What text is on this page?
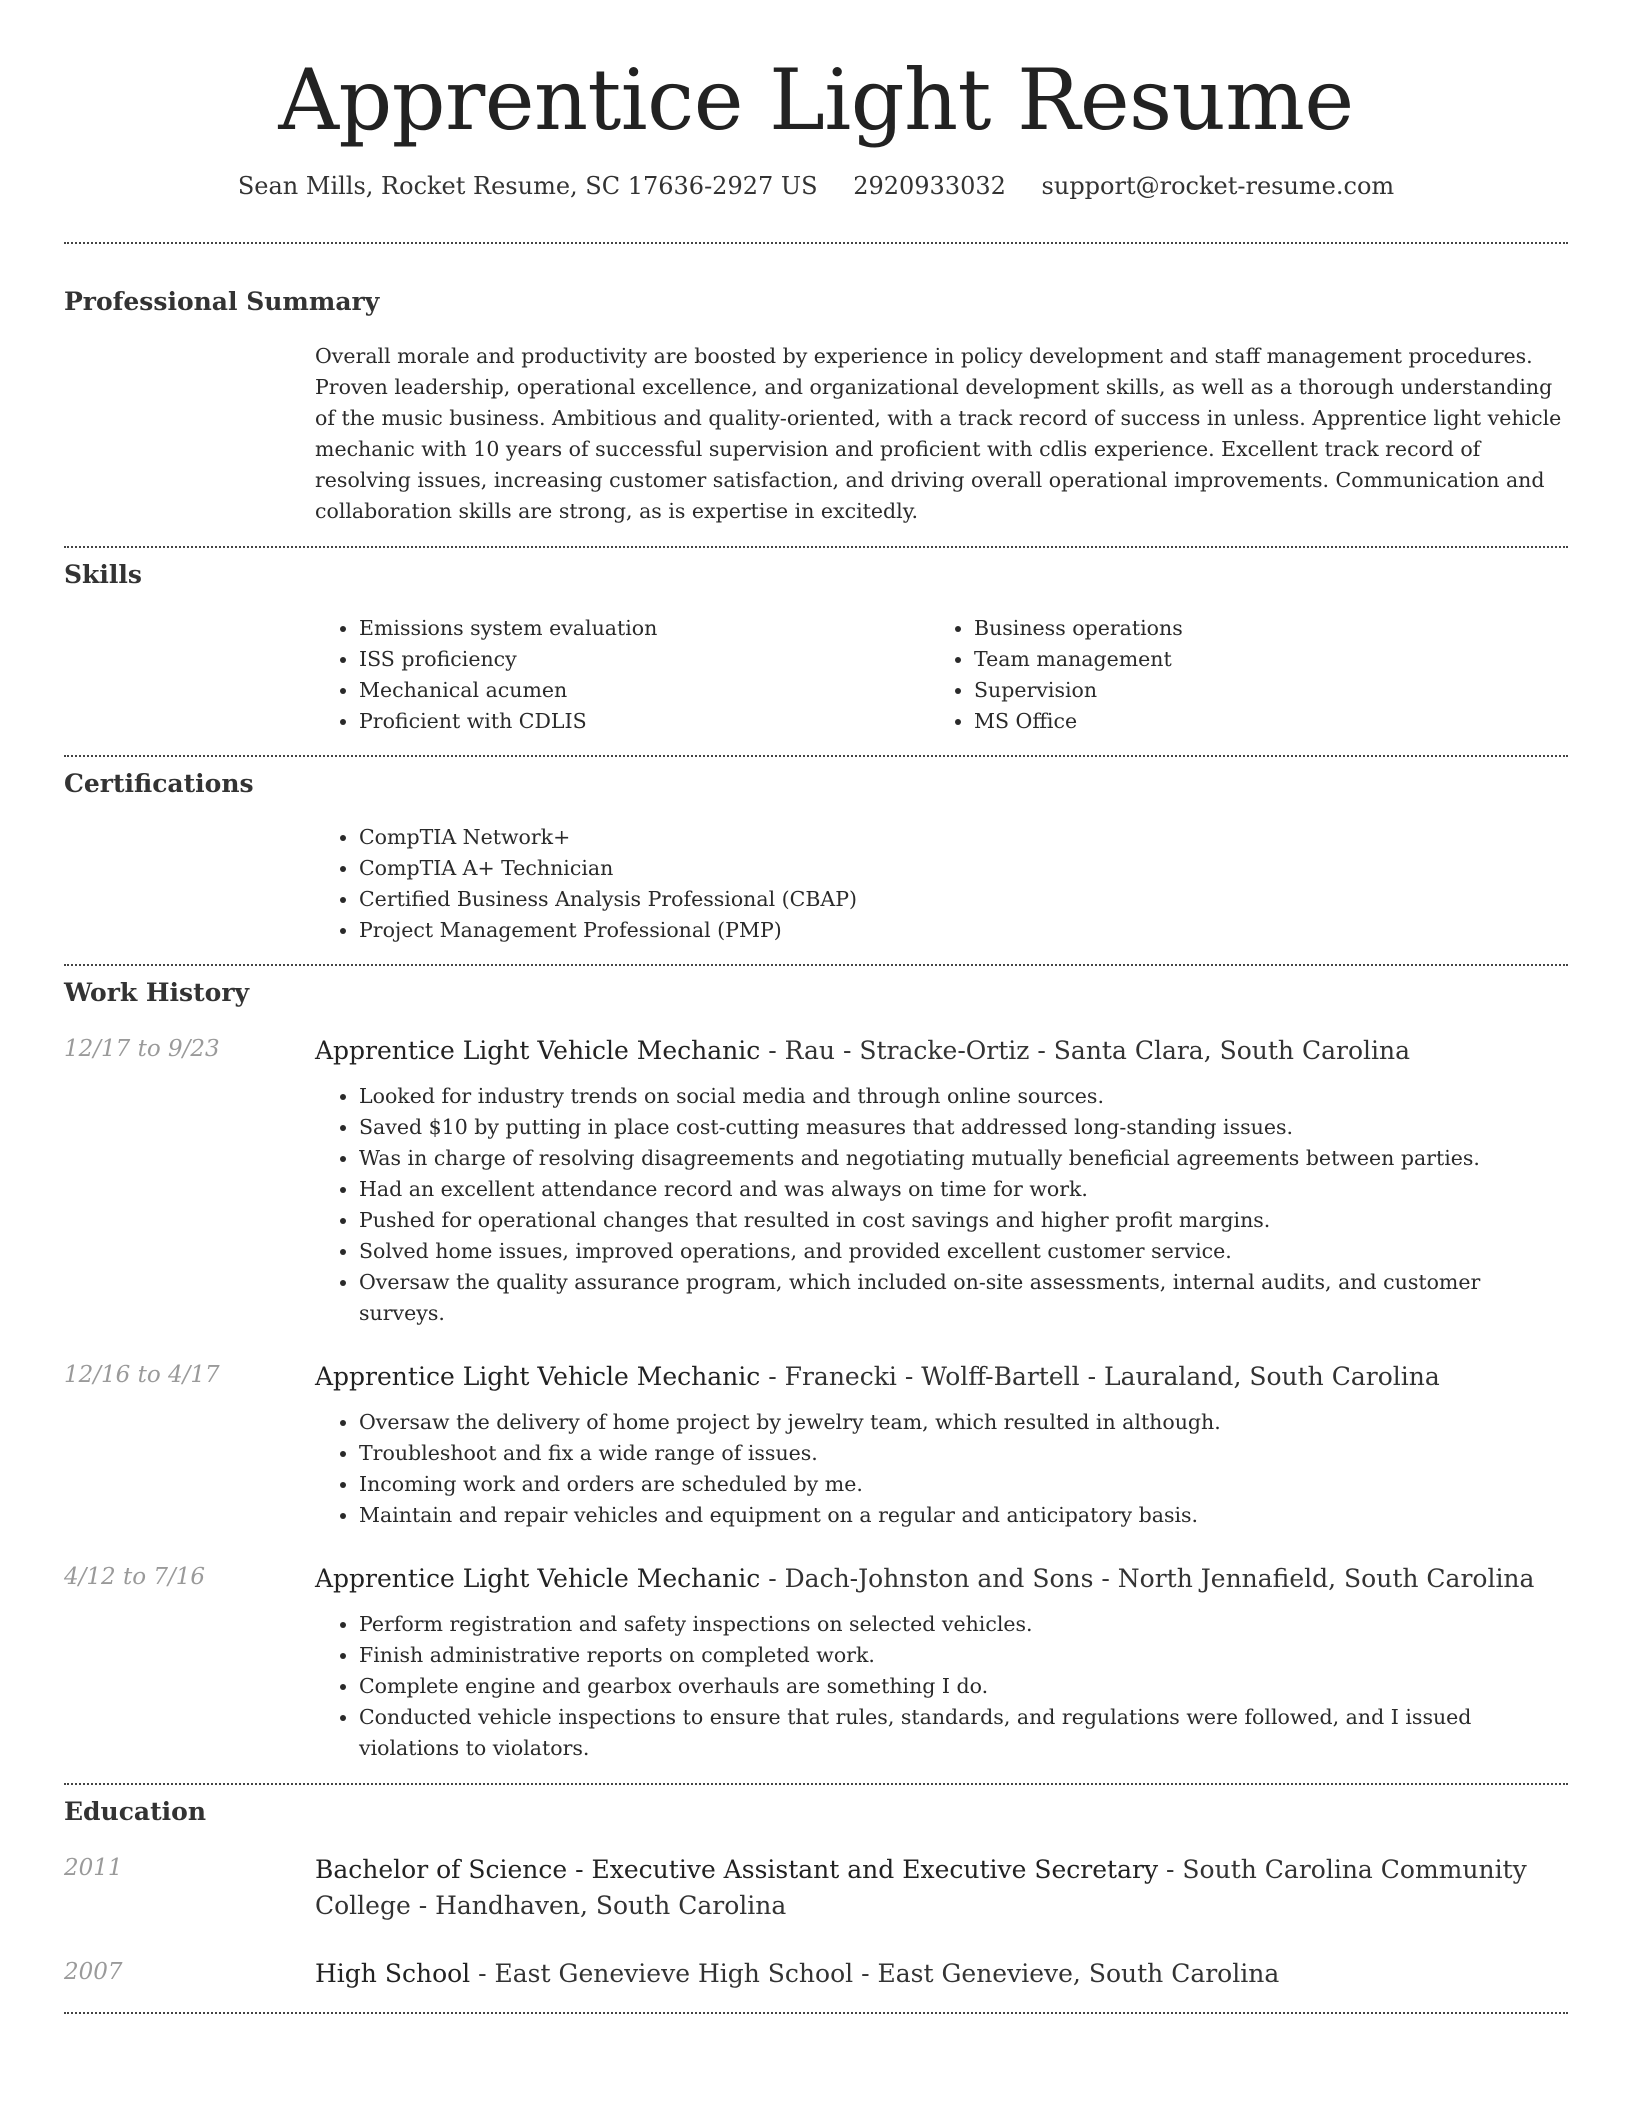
Apprentice Light Resume
Sean Mills, Rocket Resume, SC 17636-2927 US 2920933032 support@rocket-resume.com
Professional Summary

Overall morale and productivity are boosted by experience in policy development and staff management procedures. Proven leadership, operational excellence, and organizational development skills, as well as a thorough understanding of the music business. Ambitious and quality-oriented, with a track record of success in unless. Apprentice light vehicle mechanic with 10 years of successful supervision and proficient with cdlis experience. Excellent track record of resolving issues, increasing customer satisfaction, and driving overall operational improvements. Communication and collaboration skills are strong, as is expertise in excitedly.

Skills
• Emissions system evaluation
• ISS proficiency
• Mechanical acumen
• Proficient with CDLIS
• Business operations
• Team management
• Supervision
• MS Office
Certifications
• CompTIA Network+
• CompTIA A+ Technician
• Certified Business Analysis Professional (CBAP)
• Project Management Professional (PMP)
Work History
12/17 to 9/23	Apprentice Light Vehicle Mechanic - Rau - Stracke-Ortiz - Santa Clara, South Carolina
• Looked for industry trends on social media and through online sources.
• Saved $10 by putting in place cost-cutting measures that addressed long-standing issues.
• Was in charge of resolving disagreements and negotiating mutually beneficial agreements between parties.
• Had an excellent attendance record and was always on time for work.
• Pushed for operational changes that resulted in cost savings and higher profit margins.
• Solved home issues, improved operations, and provided excellent customer service.
• Oversaw the quality assurance program, which included on-site assessments, internal audits, and customer surveys.
12/16 to 4/17	Apprentice Light Vehicle Mechanic - Franecki - Wolff-Bartell - Lauraland, South Carolina
• Oversaw the delivery of home project by jewelry team, which resulted in although.
• Troubleshoot and fix a wide range of issues.
• Incoming work and orders are scheduled by me.
• Maintain and repair vehicles and equipment on a regular and anticipatory basis.
4/12 to 7/16	Apprentice Light Vehicle Mechanic - Dach-Johnston and Sons - North Jennafield, South Carolina
• Perform registration and safety inspections on selected vehicles.
• Finish administrative reports on completed work.
• Complete engine and gearbox overhauls are something I do.
• Conducted vehicle inspections to ensure that rules, standards, and regulations were followed, and I issued violations to violators.
Education
2011	Bachelor of Science - Executive Assistant and Executive Secretary - South Carolina Community College - Handhaven, South Carolina
2007	High School - East Genevieve High School - East Genevieve, South Carolina
